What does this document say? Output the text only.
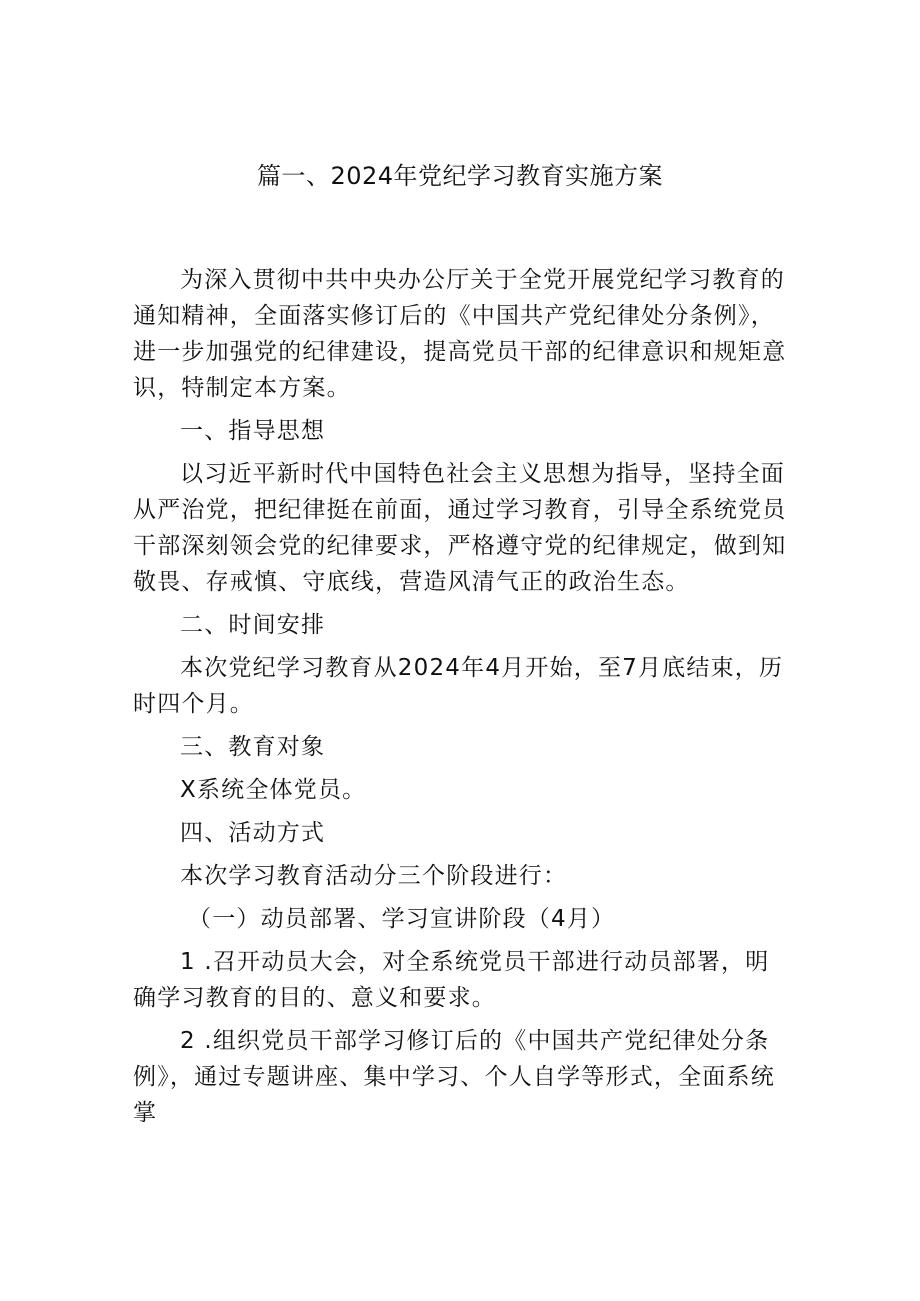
篇一、2024年党纪学习教育实施方案

为深入贯彻中共中央办公厅关于全党开展党纪学习教育的通知精神，全面落实修订后的《中国共产党纪律处分条例》，进一步加强党的纪律建设，提高党员干部的纪律意识和规矩意识，特制定本方案。

一、指导思想

以习近平新时代中国特色社会主义思想为指导，坚持全面从严治党，把纪律挺在前面，通过学习教育，引导全系统党员干部深刻领会党的纪律要求，严格遵守党的纪律规定，做到知敬畏、存戒慎、守底线，营造风清气正的政治生态。

二、时间安排

本次党纪学习教育从2024年4月开始，至7月底结束，历时四个月。

三、教育对象

X系统全体党员。

四、活动方式

本次学习教育活动分三个阶段进行：

（一）动员部署、学习宣讲阶段（4月）

1 .召开动员大会，对全系统党员干部进行动员部署，明确学习教育的目的、意义和要求。

2 .组织党员干部学习修订后的《中国共产党纪律处分条例》，通过专题讲座、集中学习、个人自学等形式，全面系统掌
